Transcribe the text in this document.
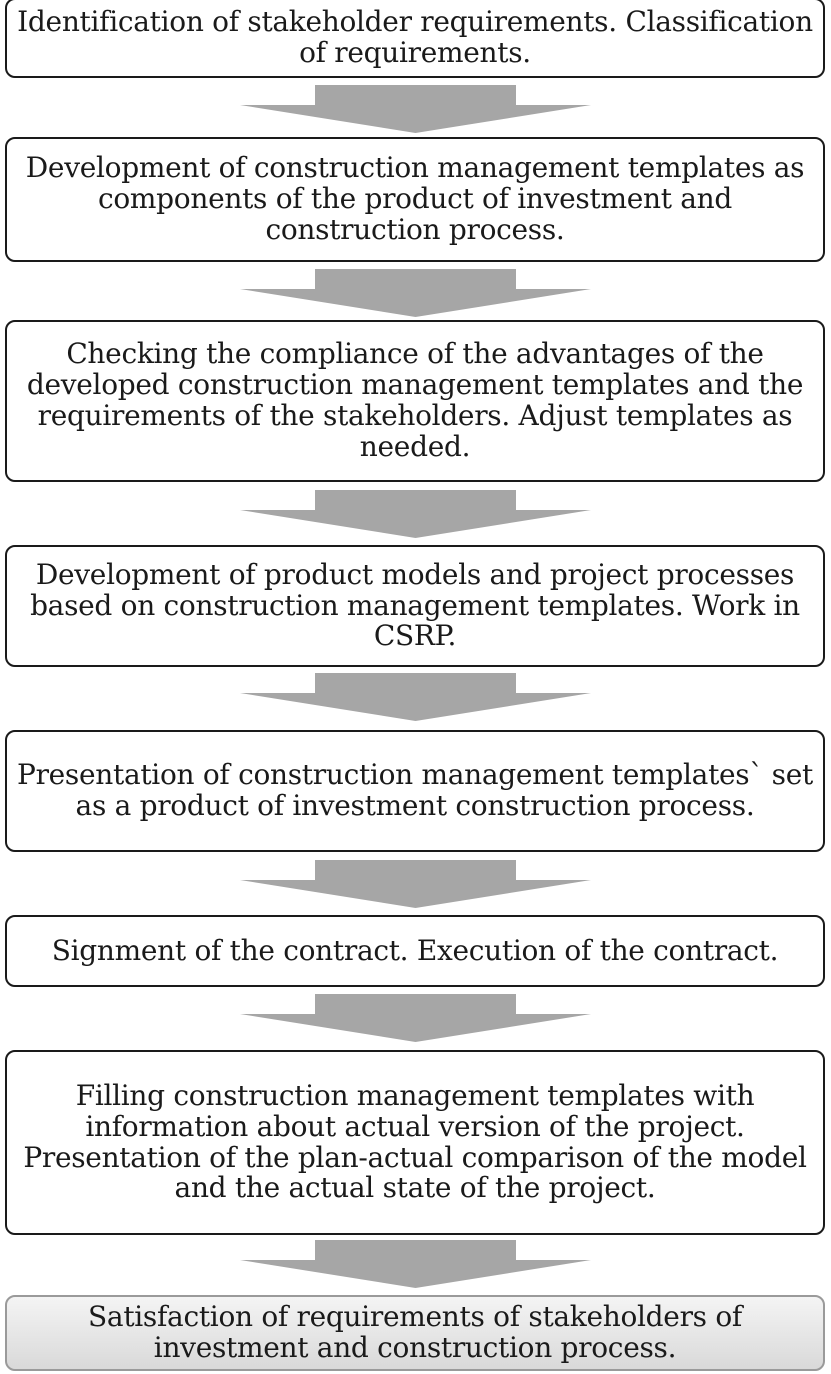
Identification of stakeholder requirements. Classification of requirements.
Development of construction management templates as components of the product of investment and construction process.
Checking the compliance of the advantages of the developed construction management templates and the requirements of the stakeholders. Adjust templates as needed.
Development of product models and project processes based on construction management templates. Work in CSRP.
Presentation of construction management templates` set as a product of investment construction process.
Signment of the contract. Execution of the contract.
Filling construction management templates with information about actual version of the project. Presentation of the plan-actual comparison of the model and the actual state of the project.
Satisfaction of requirements of stakeholders of investment and construction process.
